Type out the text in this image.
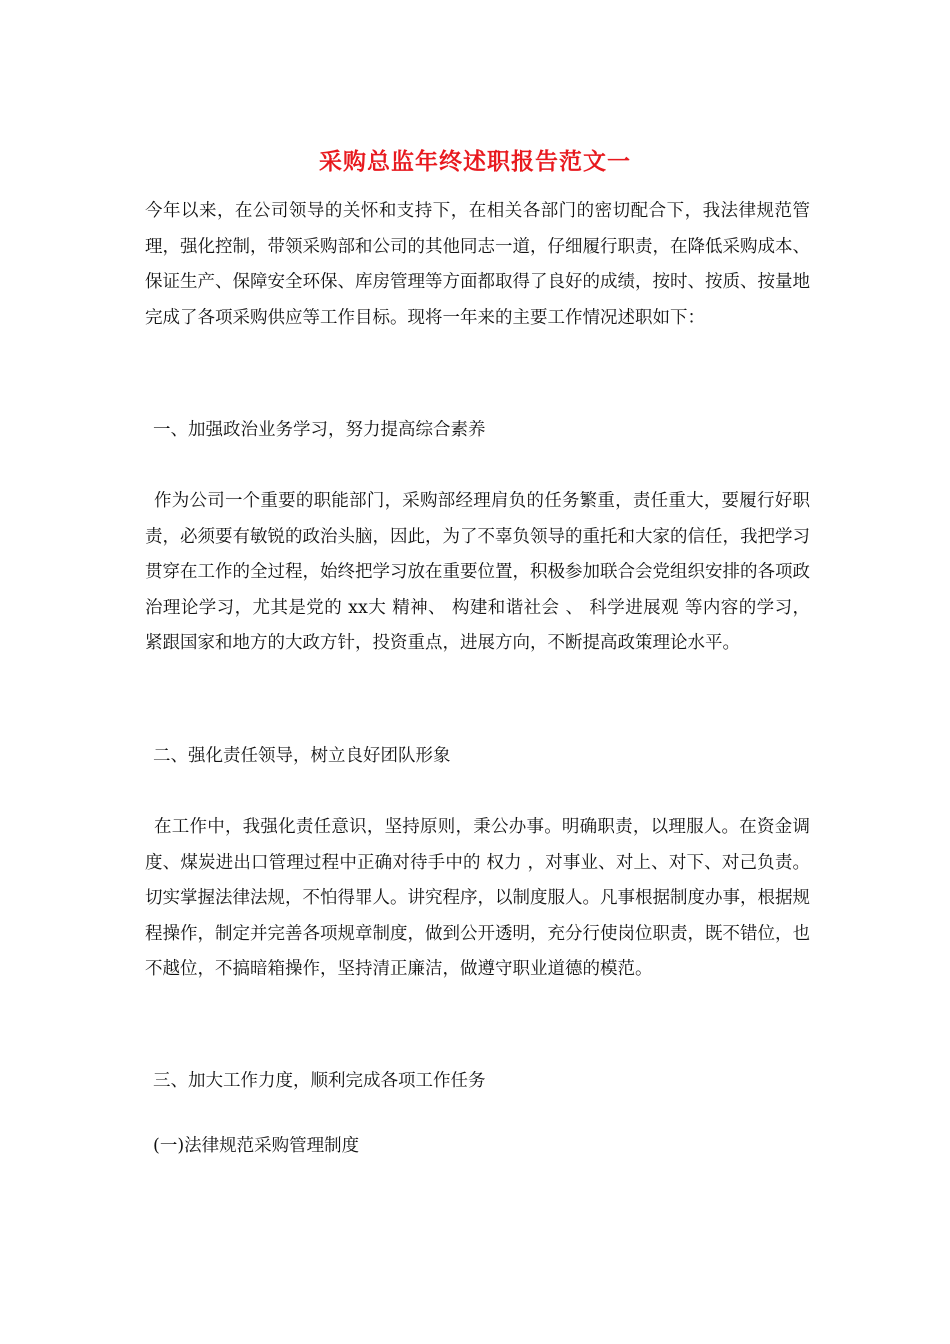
采购总监年终述职报告范文一

今年以来，在公司领导的关怀和支持下，在相关各部门的密切配合下，我法律规范管理，强化控制，带领采购部和公司的其他同志一道，仔细履行职责，在降低采购成本、保证生产、保障安全环保、库房管理等方面都取得了良好的成绩，按时、按质、按量地完成了各项采购供应等工作目标。现将一年来的主要工作情况述职如下：

一、加强政治业务学习，努力提高综合素养

作为公司一个重要的职能部门，采购部经理肩负的任务繁重，责任重大，要履行好职责，必须要有敏锐的政治头脑，因此，为了不辜负领导的重托和大家的信任，我把学习贯穿在工作的全过程，始终把学习放在重要位置，积极参加联合会党组织安排的各项政治理论学习，尤其是党的 xx大 精神、 构建和谐社会 、 科学进展观 等内容的学习，紧跟国家和地方的大政方针，投资重点，进展方向，不断提高政策理论水平。

二、强化责任领导，树立良好团队形象

在工作中，我强化责任意识，坚持原则，秉公办事。明确职责，以理服人。在资金调度、煤炭进出口管理过程中正确对待手中的 权力 ，对事业、对上、对下、对己负责。切实掌握法律法规，不怕得罪人。讲究程序，以制度服人。凡事根据制度办事，根据规程操作，制定并完善各项规章制度，做到公开透明，充分行使岗位职责，既不错位，也不越位，不搞暗箱操作，坚持清正廉洁，做遵守职业道德的模范。

三、加大工作力度，顺利完成各项工作任务

(一)法律规范采购管理制度
